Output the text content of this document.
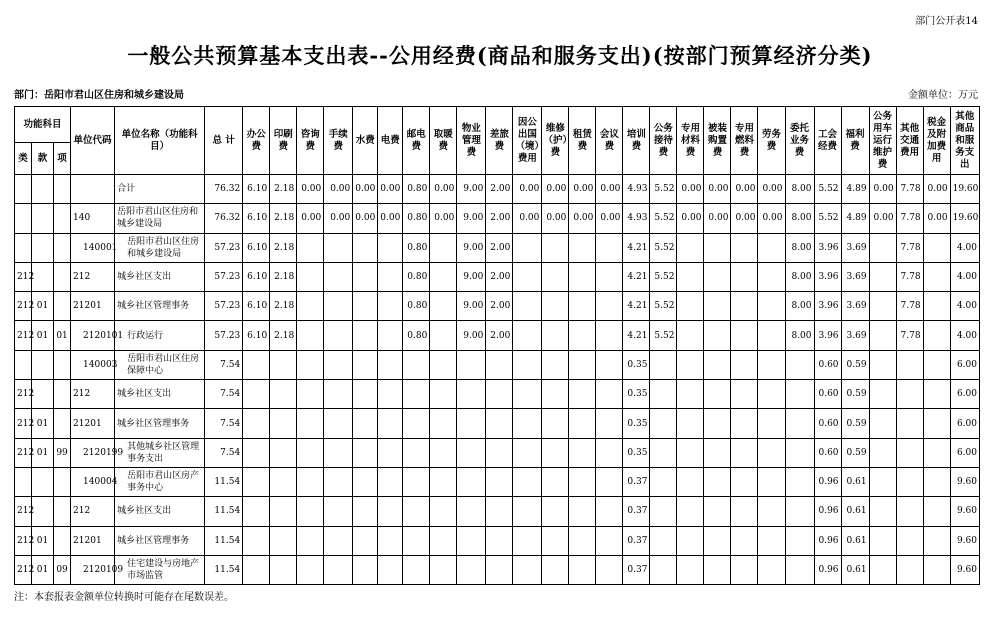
部门公开表14
一般公共预算基本支出表--公用经费(商品和服务支出)(按部门预算经济分类)
部门：岳阳市君山区住房和城乡建设局	金额单位：万元
功能科目			单位代码	单位名称（功能科目）	总 计	办公费	印刷费	咨询费	手续费	水费	电费	邮电费	取暖费	物业管理费	差旅费	因公出国（境）费用	维修（护）费	租赁费	会议费	培训费	公务接待费	专用材料费	被装购置费	专用燃料费	劳务费	委托业务费	工会经费	福利费	公务用车运行维护费	其他交通费用	税金及附加费用	其他商品和服务支出
类	款	项																														
				合计	76.32	6.10	2.18	0.00	0.00	0.00	0.00	0.80	0.00	9.00	2.00	0.00	0.00	0.00	0.00	4.93	5.52	0.00	0.00	0.00	0.00	8.00	5.52	4.89	0.00	7.78	0.00	19.60
			140	岳阳市君山区住房和城乡建设局	76.32	6.10	2.18	0.00	0.00	0.00	0.00	0.80	0.00	9.00	2.00	0.00	0.00	0.00	0.00	4.93	5.52	0.00	0.00	0.00	0.00	8.00	5.52	4.89	0.00	7.78	0.00	19.60
			140001	岳阳市君山区住房和城乡建设局	57.23	6.10	2.18					0.80		9.00	2.00					4.21	5.52					8.00	3.96	3.69		7.78		4.00
212			212	城乡社区支出	57.23	6.10	2.18					0.80		9.00	2.00					4.21	5.52					8.00	3.96	3.69		7.78		4.00
212	01		21201	城乡社区管理事务	57.23	6.10	2.18					0.80		9.00	2.00					4.21	5.52					8.00	3.96	3.69		7.78		4.00
212	01	01	2120101	行政运行	57.23	6.10	2.18					0.80		9.00	2.00					4.21	5.52					8.00	3.96	3.69		7.78		4.00
			140003	岳阳市君山区住房保障中心	7.54															0.35							0.60	0.59				6.00
212			212	城乡社区支出	7.54															0.35							0.60	0.59				6.00
212	01		21201	城乡社区管理事务	7.54															0.35							0.60	0.59				6.00
212	01	99	2120199	其他城乡社区管理事务支出	7.54															0.35							0.60	0.59				6.00
			140004	岳阳市君山区房产事务中心	11.54															0.37							0.96	0.61				9.60
212			212	城乡社区支出	11.54															0.37							0.96	0.61				9.60
212	01		21201	城乡社区管理事务	11.54															0.37							0.96	0.61				9.60
212	01	09	2120109	住宅建设与房地产市场监管	11.54															0.37							0.96	0.61				9.60
注：本套报表金额单位转换时可能存在尾数误差。
